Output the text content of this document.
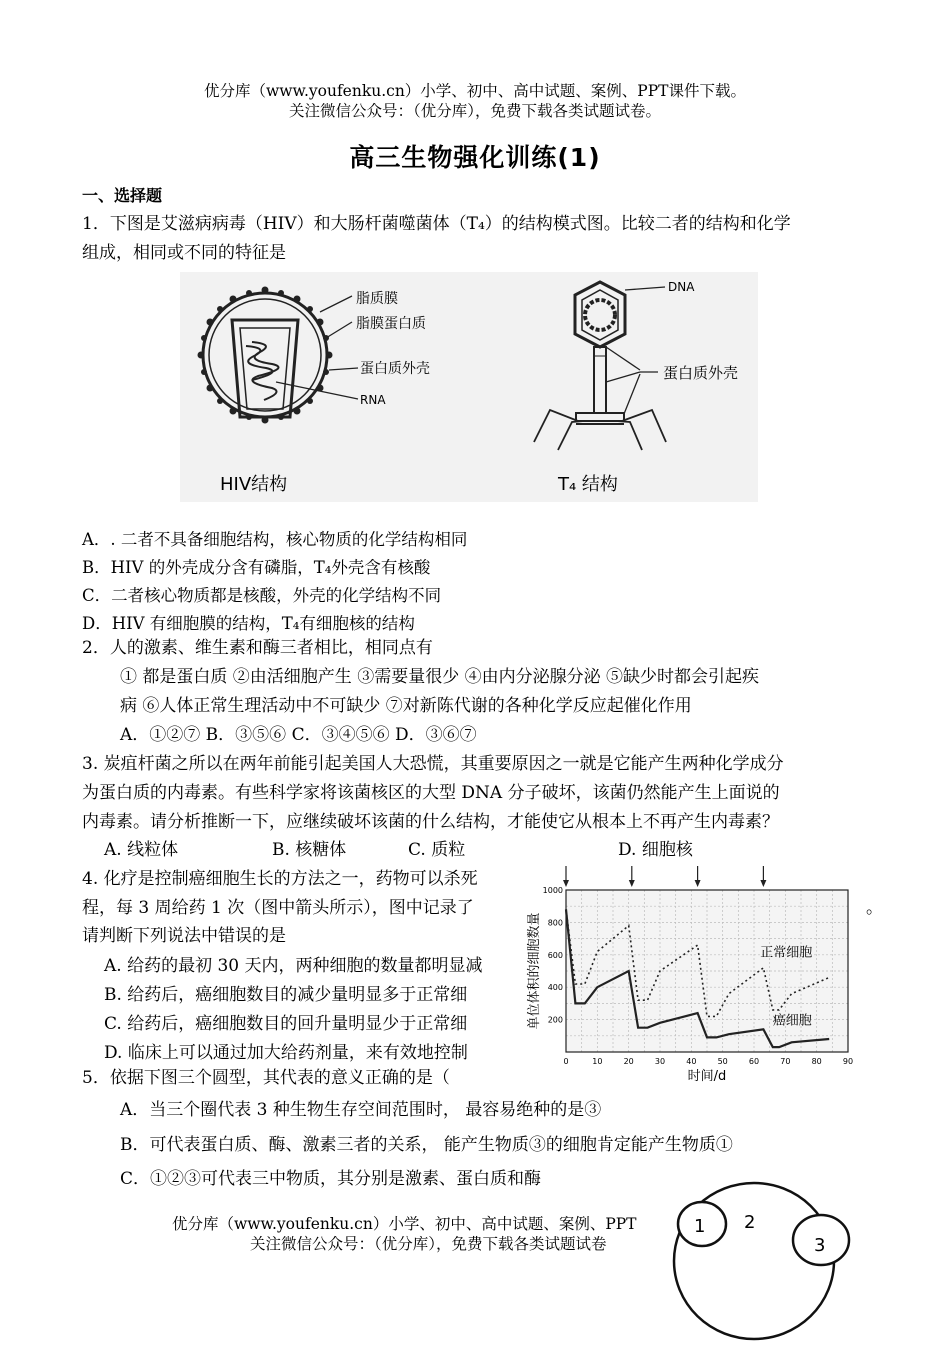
优分库（www.youfenku.cn）小学、初中、高中试题、案例、PPT课件下载。
关注微信公众号：（优分库），免费下载各类试题试卷。
高三生物强化训练(1)
一、选择题
1．下图是艾滋病病毒（HIV）和大肠杆菌噬菌体（T₄）的结构模式图。比较二者的结构和化学
组成，相同或不同的特征是
脂质膜
脂膜蛋白质
蛋白质外壳
RNA
HIV结构
DNA
蛋白质外壳
T₄ 结构
A．. 二者不具备细胞结构，核心物质的化学结构相同
B．HIV 的外壳成分含有磷脂，T₄外壳含有核酸
C．二者核心物质都是核酸，外壳的化学结构不同
D．HIV 有细胞膜的结构，T₄有细胞核的结构
2．人的激素、维生素和酶三者相比，相同点有
① 都是蛋白质 ②由活细胞产生 ③需要量很少 ④由内分泌腺分泌 ⑤缺少时都会引起疾
病 ⑥人体正常生理活动中不可缺少 ⑦对新陈代谢的各种化学反应起催化作用
A．①②⑦ B．③⑤⑥ C．③④⑤⑥ D．③⑥⑦
3. 炭疽杆菌之所以在两年前能引起美国人大恐慌，其重要原因之一就是它能产生两种化学成分
为蛋白质的内毒素。有些科学家将该菌核区的大型 DNA 分子破坏，该菌仍然能产生上面说的
内毒素。请分析推断一下，应继续破坏该菌的什么结构，才能使它从根本上不再产生内毒素？
A. 线粒体	B. 核糖体	C. 质粒	D. 细胞核
4. 化疗是控制癌细胞生长的方法之一，药物可以杀死
程，每 3 周给药 1 次（图中箭头所示），图中记录了	。
请判断下列说法中错误的是
A. 给药的最初 30 天内，两种细胞的数量都明显减
B. 给药后，癌细胞数目的减少量明显多于正常细
C. 给药后，癌细胞数目的回升量明显少于正常细
D. 临床上可以通过加大给药剂量，来有效地控制	0	10	20	30	40	50	60	70	80	90
200
400
600
800
1000
正常细胞
癌细胞
时间/d
单位体积的细胞数量
5．依据下图三个圆型，其代表的意义正确的是（
A．当三个圈代表 3 种生物生存空间范围时， 最容易绝种的是③
B．可代表蛋白质、酶、激素三者的关系， 能产生物质③的细胞肯定能产生物质①
C．①②③可代表三中物质，其分别是激素、蛋白质和酶
优分库（www.youfenku.cn）小学、初中、高中试题、案例、PPT
关注微信公众号：（优分库），免费下载各类试题试卷
1 2
3
